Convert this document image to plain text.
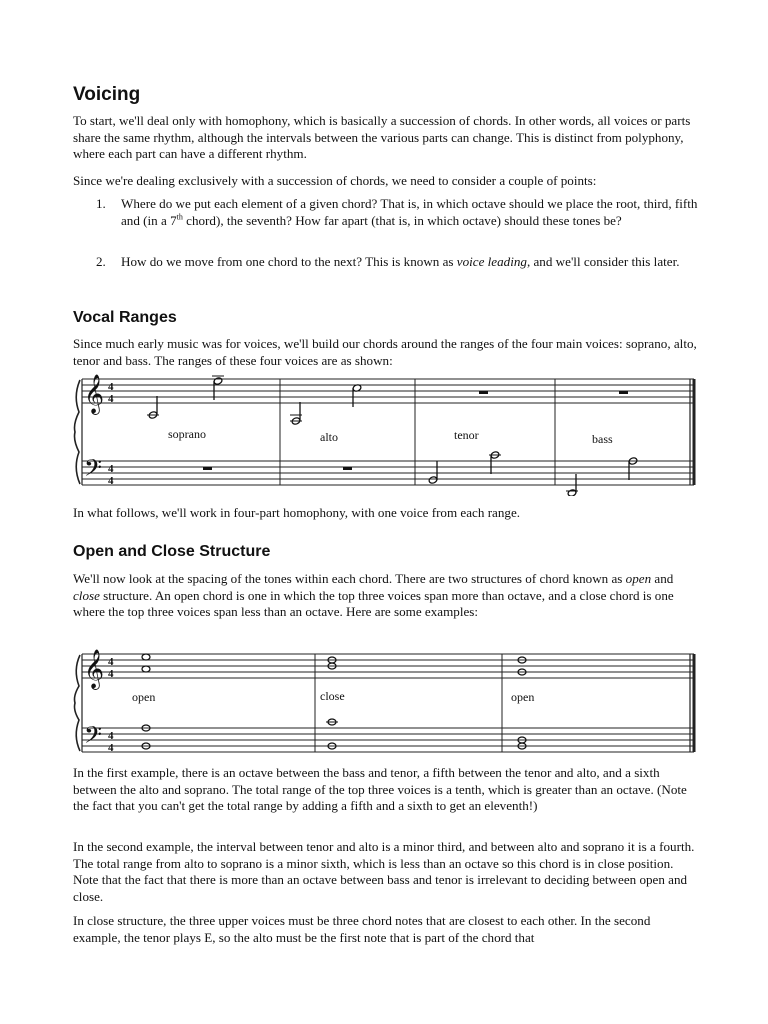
Voicing

To start, we'll deal only with homophony, which is basically a succession of chords. In other words, all voices or parts share the same rhythm, although the intervals between the various parts can change. This is distinct from polyphony, where each part can have a different rhythm.

Since we're dealing exclusively with a succession of chords, we need to consider a couple of points:

1. Where do we put each element of a given chord? That is, in which octave should we place the root, third, fifth and (in a 7th chord), the seventh? How far apart (that is, in which octave) should these tones be?
2. How do we move from one chord to the next? This is known as voice leading, and we'll consider this later.
Vocal Ranges

Since much early music was for voices, we'll build our chords around the ranges of the four main voices: soprano, alto, tenor and bass. The ranges of these four voices are as shown:

𝄞
𝄢
4
4
4
4
soprano	alto	tenor	bass

In what follows, we'll work in four-part homophony, with one voice from each range.

Open and Close Structure

We'll now look at the spacing of the tones within each chord. There are two structures of chord known as open and close structure. An open chord is one in which the top three voices span more than octave, and a close chord is one where the top three voices span less than an octave. Here are some examples:

𝄞
𝄢
4
4
4
4
open	close	open

In the first example, there is an octave between the bass and tenor, a fifth between the tenor and alto, and a sixth between the alto and soprano. The total range of the top three voices is a tenth, which is greater than an octave. (Note the fact that you can't get the total range by adding a fifth and a sixth to get an eleventh!)

In the second example, the interval between tenor and alto is a minor third, and between alto and soprano it is a fourth. The total range from alto to soprano is a minor sixth, which is less than an octave so this chord is in close position. Note that the fact that there is more than an octave between bass and tenor is irrelevant to deciding between open and close.

In close structure, the three upper voices must be three chord notes that are closest to each other. In the second example, the tenor plays E, so the alto must be the first note that is part of the chord that
